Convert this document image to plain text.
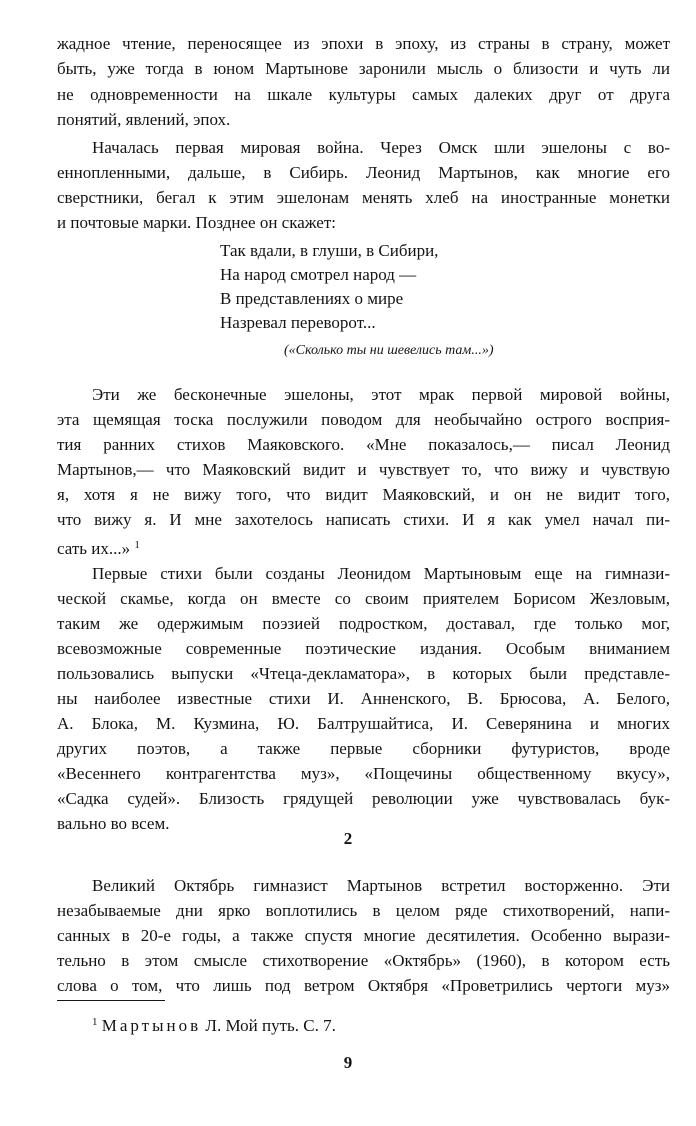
жадное чтение, переносящее из эпохи в эпоху, из страны в страну, может
быть, уже тогда в юном Мартынове заронили мысль о близости и чуть ли
не одновременности на шкале культуры самых далеких друг от друга
понятий, явлений, эпох.
Началась первая мировая война. Через Омск шли эшелоны с во-
еннопленными, дальше, в Сибирь. Леонид Мартынов, как многие его
сверстники, бегал к этим эшелонам менять хлеб на иностранные монетки
и почтовые марки. Позднее он скажет:
Так вдали, в глуши, в Сибири,
На народ смотрел народ —
В представлениях о мире
Назревал переворот...
(«Сколько ты ни шевелись там...»)
Эти же бесконечные эшелоны, этот мрак первой мировой войны,
эта щемящая тоска послужили поводом для необычайно острого восприя-
тия ранних стихов Маяковского. «Мне показалось,— писал Леонид
Мартынов,— что Маяковский видит и чувствует то, что вижу и чувствую
я, хотя я не вижу того, что видит Маяковский, и он не видит того,
что вижу я. И мне захотелось написать стихи. И я как умел начал пи-
сать их...» $^1$
Первые стихи были созданы Леонидом Мартыновым еще на гимнази-
ческой скамье, когда он вместе со своим приятелем Борисом Жезловым,
таким же одержимым поэзией подростком, доставал, где только мог,
всевозможные современные поэтические издания. Особым вниманием
пользовались выпуски «Чтеца-декламатора», в которых были представле-
ны наиболее известные стихи И. Анненского, В. Брюсова, А. Белого,
А. Блока, М. Кузмина, Ю. Балтрушайтиса, И. Северянина и многих
других поэтов, а также первые сборники футуристов, вроде
«Весеннего контрагентства муз», «Пощечины общественному вкусу»,
«Садка судей». Близость грядущей революции уже чувствовалась бук-
вально во всем.
2
Великий Октябрь гимназист Мартынов встретил восторженно. Эти
незабываемые дни ярко воплотились в целом ряде стихотворений, напи-
санных в 20-е годы, а также спустя многие десятилетия. Особенно вырази-
тельно в этом смысле стихотворение «Октябрь» (1960), в котором есть
слова о том, что лишь под ветром Октября «Проветрились чертоги муз»
$^1$ Мартынов Л. Мой путь. С. 7.
9
